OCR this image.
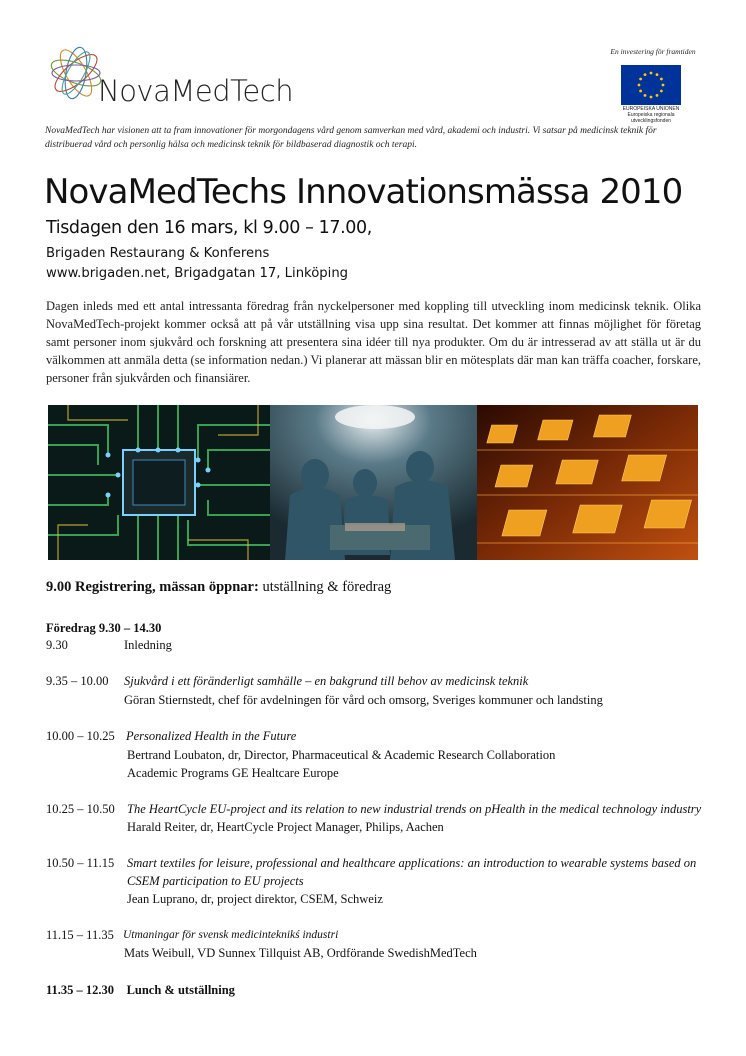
NovaMedTech
En investering för framtiden
EUROPEISKA UNIONEN
Europeiska regionala
utvecklingsfonden
NovaMedTech har visionen att ta fram innovationer för morgondagens vård genom samverkan med vård, akademi och industri. Vi satsar på medicinsk teknik för distribuerad vård och personlig hälsa och medicinsk teknik för bildbaserad diagnostik och terapi.
NovaMedTechs Innovationsmässa 2010
Tisdagen den 16 mars, kl 9.00 – 17.00,
Brigaden Restaurang & Konferens
www.brigaden.net, Brigadgatan 17, Linköping
Dagen inleds med ett antal intressanta föredrag från nyckelpersoner med koppling till utveckling inom medicinsk teknik. Olika NovaMedTech-projekt kommer också att på vår utställning visa upp sina resultat. Det kommer att finnas möjlighet för företag samt personer inom sjukvård och forskning att presentera sina idéer till nya produkter. Om du är intresserad av att ställa ut är du välkommen att anmäla detta (se information nedan.) Vi planerar att mässan blir en mötesplats där man kan träffa coacher, forskare, personer från sjukvården och finansiärer.
9.00 Registrering, mässan öppnar: utställning & föredrag
Föredrag 9.30 – 14.30
9.30	Inledning
9.35 – 10.00 Sjukvård i ett föränderligt samhälle – en bakgrund till behov av medicinsk teknik
Göran Stiernstedt, chef för avdelningen för vård och omsorg, Sveriges kommuner och landsting
10.00 – 10.25 Personalized Health in the Future
Bertrand Loubaton, dr, Director, Pharmaceutical & Academic Research Collaboration
Academic Programs GE Healtcare Europe
10.25 – 10.50 The HeartCycle EU-project and its relation to new industrial trends on pHealth in the medical technology industry
Harald Reiter, dr, HeartCycle Project Manager, Philips, Aachen
10.50 – 11.15 Smart textiles for leisure, professional and healthcare applications: an introduction to wearable systems based on
CSEM participation to EU projects
Jean Luprano, dr, project direktor, CSEM, Schweiz
11.15 – 11.35 Utmaningar för svensk medicinteknikś industri
Mats Weibull, VD Sunnex Tillquist AB, Ordförande SwedishMedTech
11.35 – 12.30 Lunch & utställning
